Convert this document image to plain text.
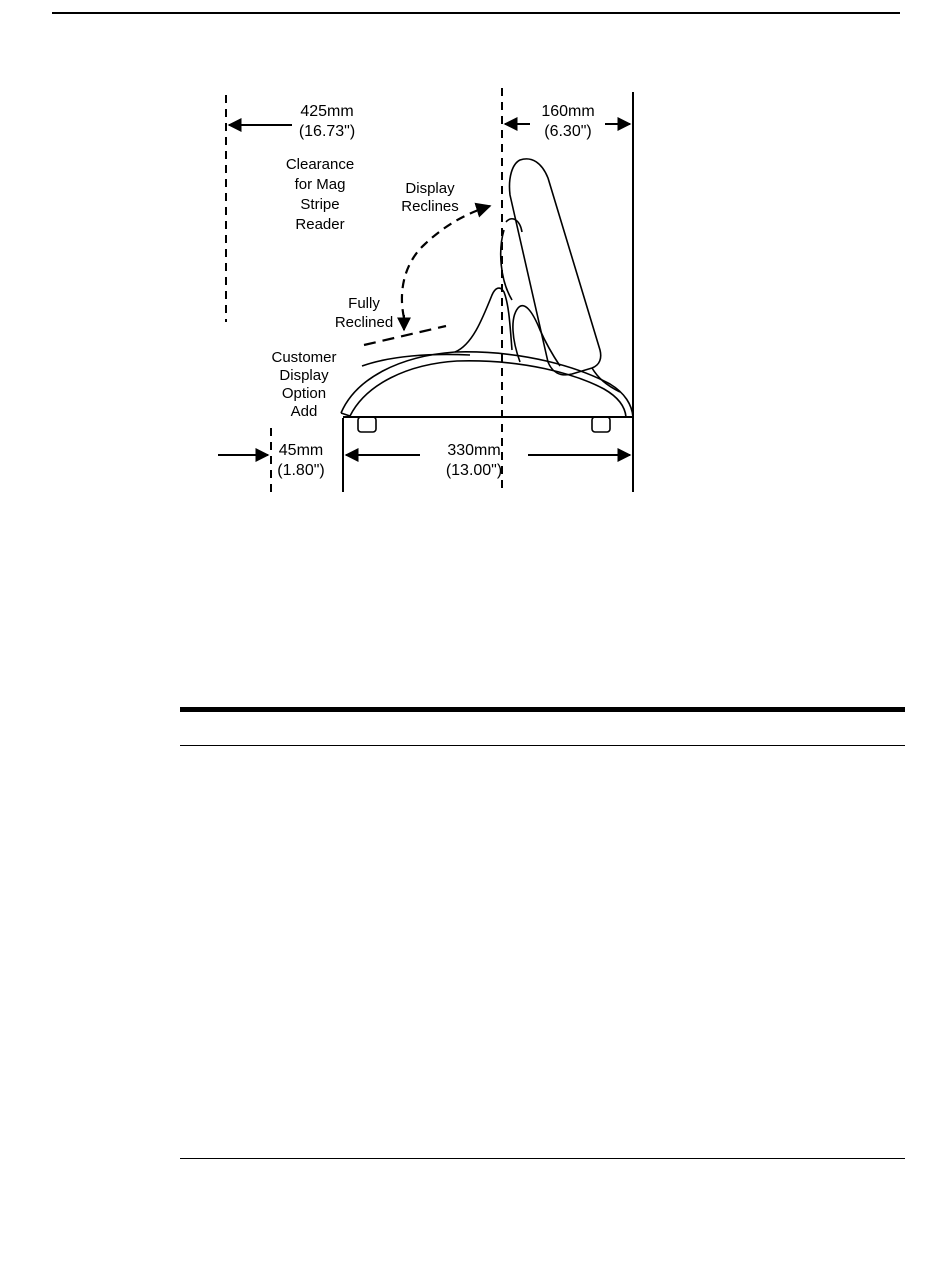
425mm
(16.73")
Clearance
for Mag
Stripe
Reader
160mm
(6.30")
Display
Reclines
Fully
Reclined
Customer
Display
Option
Add
45mm
(1.80")
330mm
(13.00")
